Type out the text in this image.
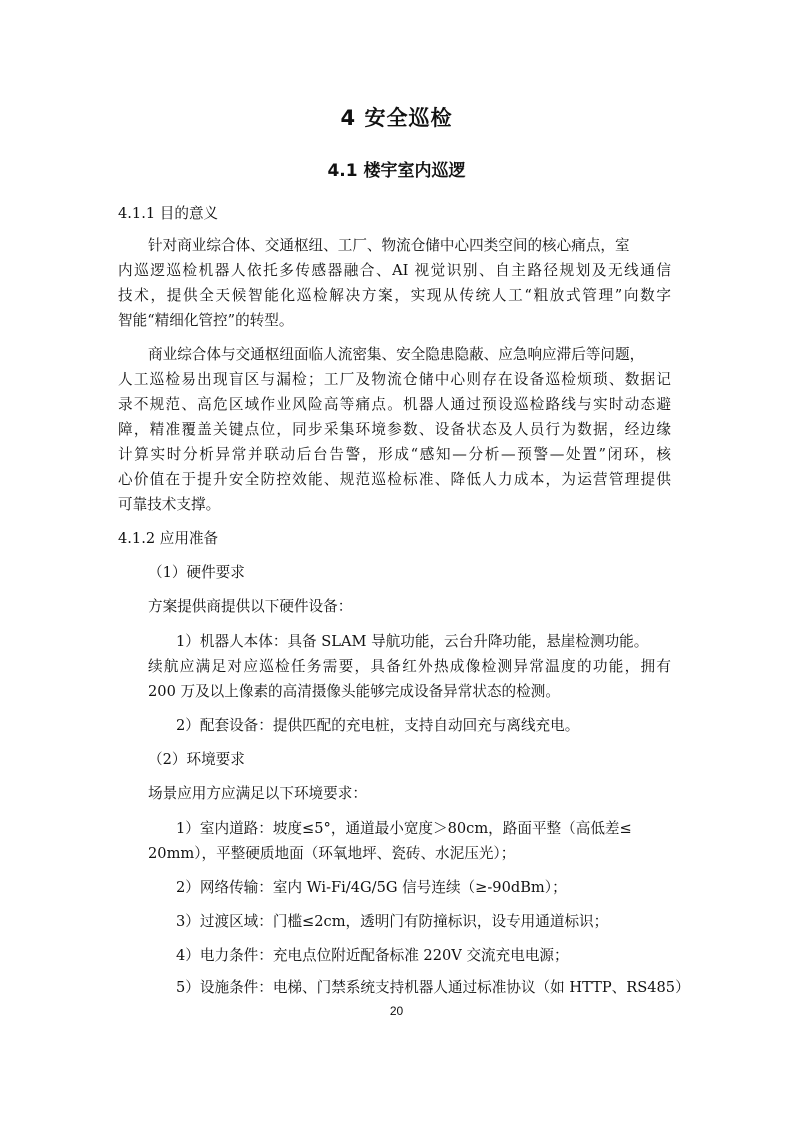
4 安全巡检
4.1 楼宇室内巡逻
4.1.1 目的意义
针对商业综合体、交通枢纽、工厂、物流仓储中心四类空间的核心痛点，室
内巡逻巡检机器人依托多传感器融合、AI 视觉识别、自主路径规划及无线通信
技术，提供全天候智能化巡检解决方案，实现从传统人工“粗放式管理”向数字
智能“精细化管控”的转型。
商业综合体与交通枢纽面临人流密集、安全隐患隐蔽、应急响应滞后等问题，
人工巡检易出现盲区与漏检；工厂及物流仓储中心则存在设备巡检烦琐、数据记
录不规范、高危区域作业风险高等痛点。机器人通过预设巡检路线与实时动态避
障，精准覆盖关键点位，同步采集环境参数、设备状态及人员行为数据，经边缘
计算实时分析异常并联动后台告警，形成“感知—分析—预警—处置”闭环，核
心价值在于提升安全防控效能、规范巡检标准、降低人力成本，为运营管理提供
可靠技术支撑。
4.1.2 应用准备
（1）硬件要求
方案提供商提供以下硬件设备：
1）机器人本体：具备 SLAM 导航功能，云台升降功能，悬崖检测功能。
续航应满足对应巡检任务需要，具备红外热成像检测异常温度的功能，拥有
200 万及以上像素的高清摄像头能够完成设备异常状态的检测。
2）配套设备：提供匹配的充电桩，支持自动回充与离线充电。
（2）环境要求
场景应用方应满足以下环境要求：
1）室内道路：坡度≤5°，通道最小宽度＞80cm，路面平整（高低差≤
20mm），平整硬质地面（环氧地坪、瓷砖、水泥压光）；
2）网络传输：室内 Wi-Fi/4G/5G 信号连续（≥-90dBm）；
3）过渡区域：门槛≤2cm，透明门有防撞标识，设专用通道标识；
4）电力条件：充电点位附近配备标准 220V 交流充电电源；
5）设施条件：电梯、门禁系统支持机器人通过标准协议（如 HTTP、RS485）
20
